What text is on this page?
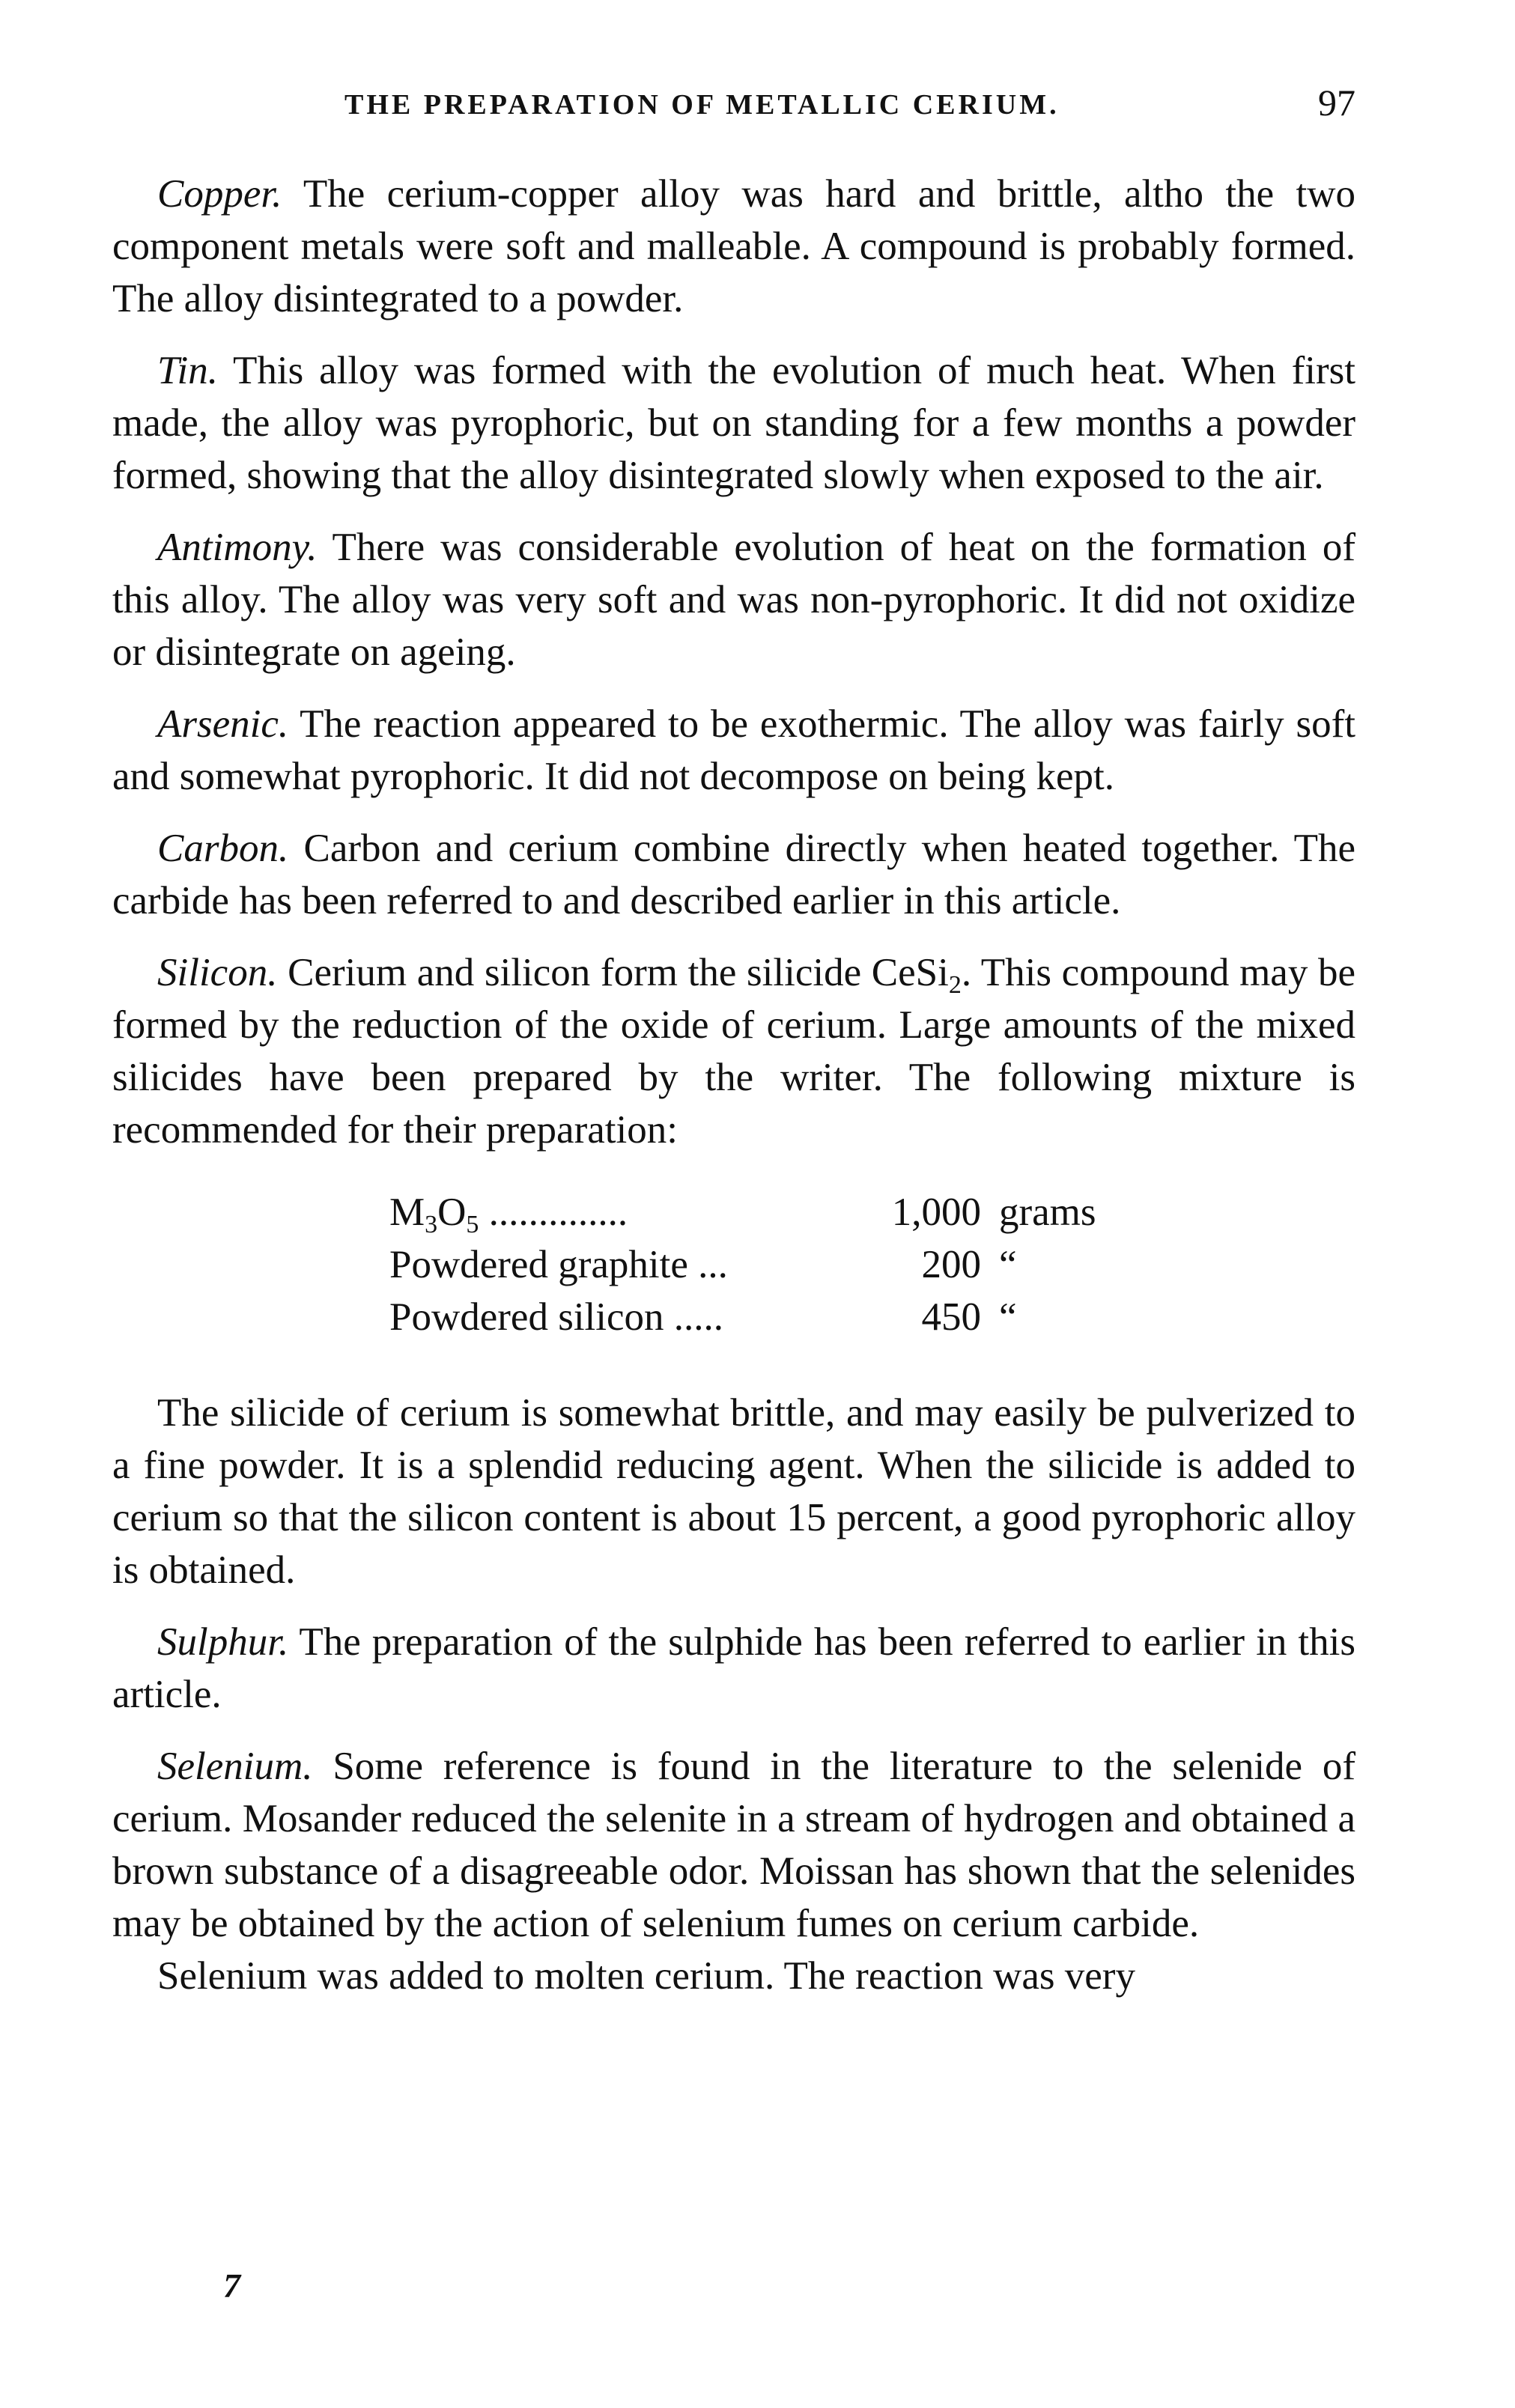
THE PREPARATION OF METALLIC CERIUM.	97

Copper. The cerium-copper alloy was hard and brittle, altho the two component metals were soft and malleable. A compound is probably formed. The alloy disintegrated to a powder.

Tin. This alloy was formed with the evolution of much heat. When first made, the alloy was pyrophoric, but on standing for a few months a powder formed, showing that the alloy disintegrated slowly when exposed to the air.

Antimony. There was considerable evolution of heat on the formation of this alloy. The alloy was very soft and was non-pyrophoric. It did not oxidize or disintegrate on ageing.

Arsenic. The reaction appeared to be exothermic. The alloy was fairly soft and somewhat pyrophoric. It did not decompose on being kept.

Carbon. Carbon and cerium combine directly when heated together. The carbide has been referred to and described earlier in this article.

Silicon. Cerium and silicon form the silicide CeSi$_2$. This compound may be formed by the reduction of the oxide of cerium. Large amounts of the mixed silicides have been prepared by the writer. The following mixture is recommended for their preparation:

$M_3O_5$ ..............	1,000 grams
Powdered graphite ...	200 “
Powdered silicon .....	450 “

The silicide of cerium is somewhat brittle, and may easily be pulverized to a fine powder. It is a splendid reducing agent. When the silicide is added to cerium so that the silicon content is about 15 percent, a good pyrophoric alloy is obtained.

Sulphur. The preparation of the sulphide has been referred to earlier in this article.

Selenium. Some reference is found in the literature to the selenide of cerium. Mosander reduced the selenite in a stream of hydrogen and obtained a brown substance of a disagreeable odor. Moissan has shown that the selenides may be obtained by the action of selenium fumes on cerium carbide.

Selenium was added to molten cerium. The reaction was very

7
